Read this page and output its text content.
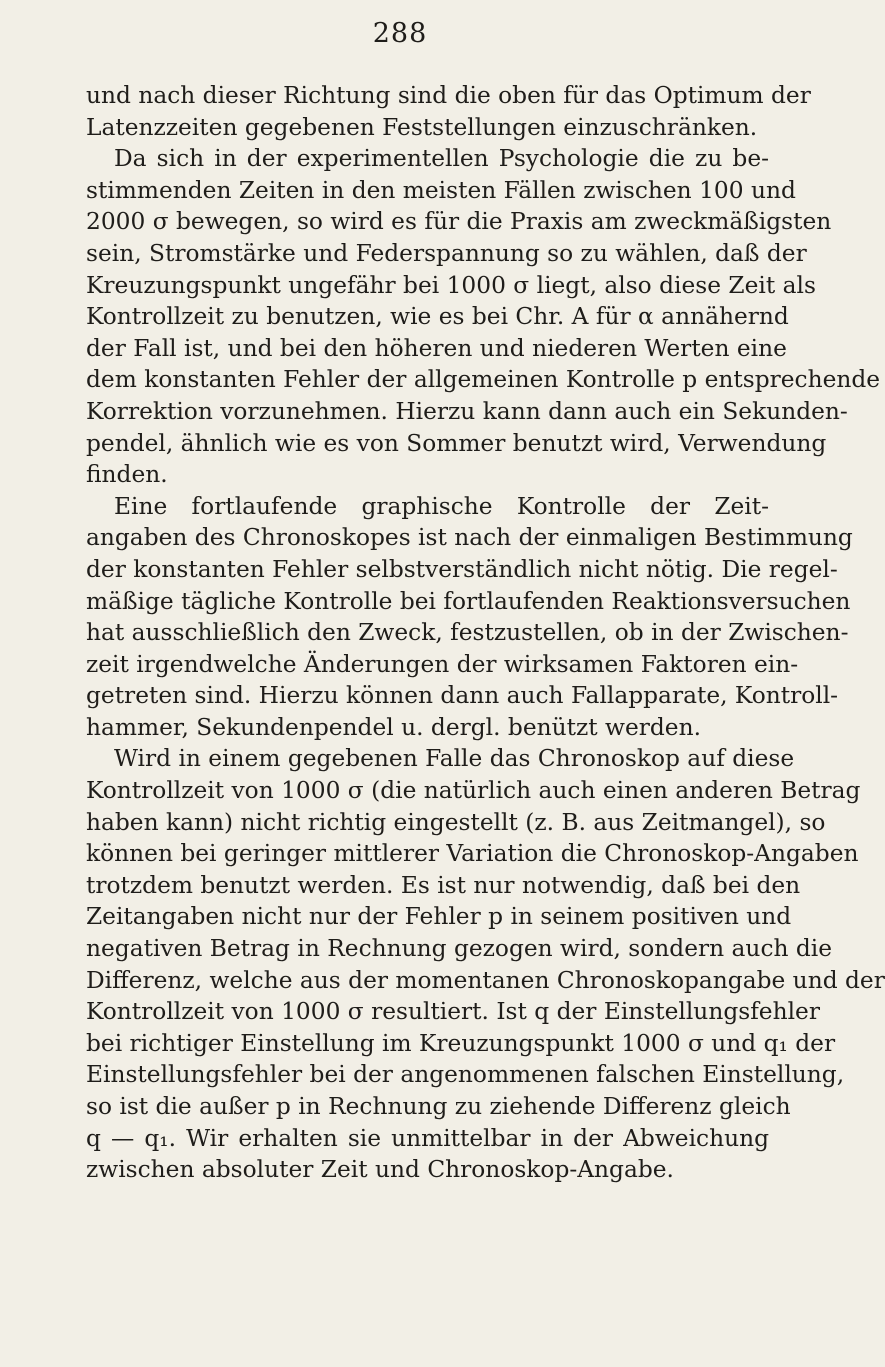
288

und nach dieser Richtung sind die oben für das Optimum der
Latenzzeiten gegebenen Feststellungen einzuschränken.

Da sich in der experimentellen Psychologie die zu be-
stimmenden Zeiten in den meisten Fällen zwischen 100 und
2000 σ bewegen, so wird es für die Praxis am zweckmäßigsten
sein, Stromstärke und Federspannung so zu wählen, daß der
Kreuzungspunkt ungefähr bei 1000 σ liegt, also diese Zeit als
Kontrollzeit zu benutzen, wie es bei Chr. A für α annähernd
der Fall ist, und bei den höheren und niederen Werten eine
dem konstanten Fehler der allgemeinen Kontrolle p entsprechende
Korrektion vorzunehmen. Hierzu kann dann auch ein Sekunden-
pendel, ähnlich wie es von Sommer benutzt wird, Verwendung
finden.

Eine fortlaufende graphische Kontrolle der Zeit-
angaben des Chronoskopes ist nach der einmaligen Bestimmung
der konstanten Fehler selbstverständlich nicht nötig. Die regel-
mäßige tägliche Kontrolle bei fortlaufenden Reaktionsversuchen
hat ausschließlich den Zweck, festzustellen, ob in der Zwischen-
zeit irgendwelche Änderungen der wirksamen Faktoren ein-
getreten sind. Hierzu können dann auch Fallapparate, Kontroll-
hammer, Sekundenpendel u. dergl. benützt werden.

Wird in einem gegebenen Falle das Chronoskop auf diese
Kontrollzeit von 1000 σ (die natürlich auch einen anderen Betrag
haben kann) nicht richtig eingestellt (z. B. aus Zeitmangel), so
können bei geringer mittlerer Variation die Chronoskop-Angaben
trotzdem benutzt werden. Es ist nur notwendig, daß bei den
Zeitangaben nicht nur der Fehler p in seinem positiven und
negativen Betrag in Rechnung gezogen wird, sondern auch die
Differenz, welche aus der momentanen Chronoskopangabe und der
Kontrollzeit von 1000 σ resultiert. Ist q der Einstellungsfehler
bei richtiger Einstellung im Kreuzungspunkt 1000 σ und q₁ der
Einstellungsfehler bei der angenommenen falschen Einstellung,
so ist die außer p in Rechnung zu ziehende Differenz gleich
q — q₁. Wir erhalten sie unmittelbar in der Abweichung
zwischen absoluter Zeit und Chronoskop-Angabe.
